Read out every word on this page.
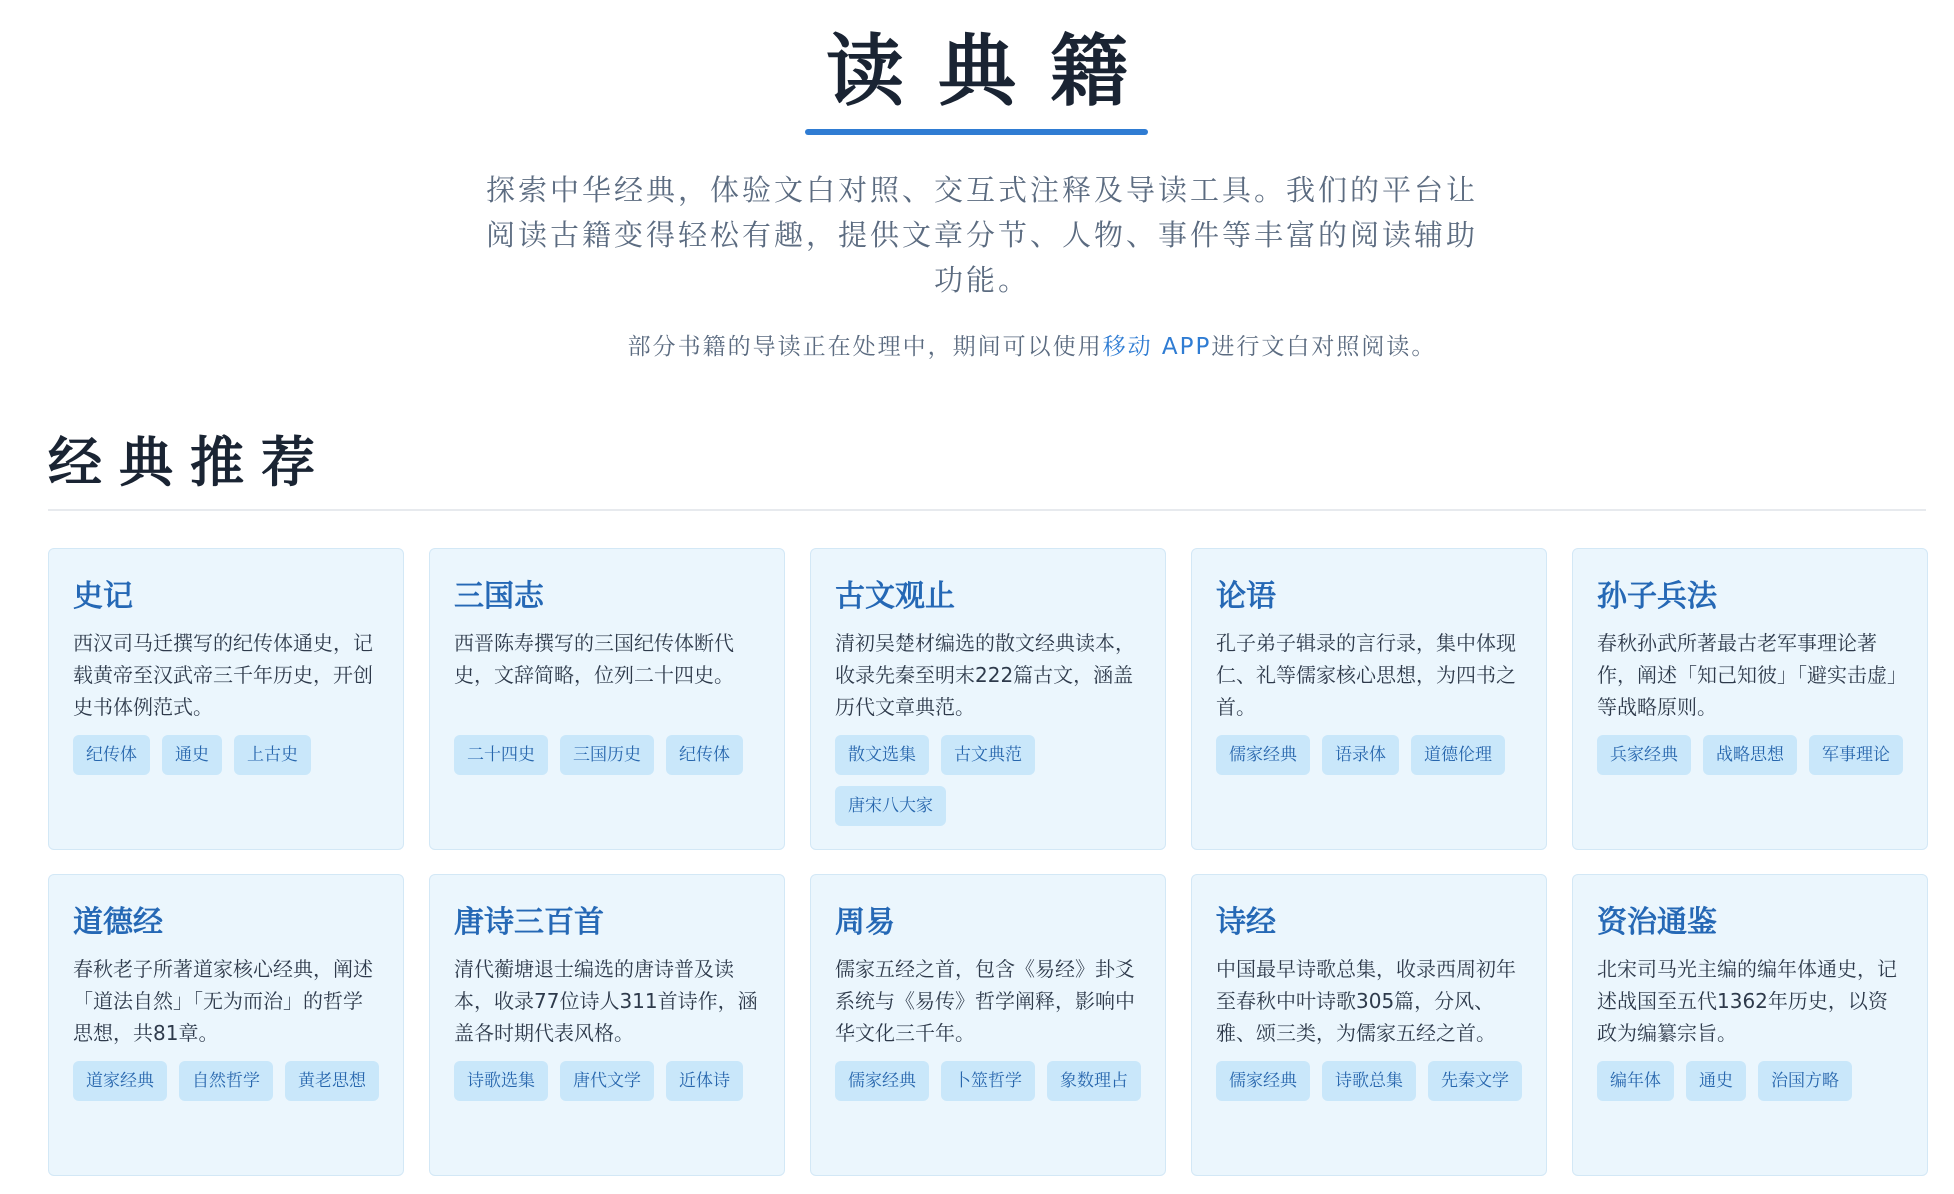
读典籍
探索中华经典，体验文白对照、交互式注释及导读工具。我们的平台让阅读古籍变得轻松有趣，提供文章分节、人物、事件等丰富的阅读辅助功能。
部分书籍的导读正在处理中，期间可以使用移动 APP进行文白对照阅读。
经典推荐
史记
西汉司马迁撰写的纪传体通史，记载黄帝至汉武帝三千年历史，开创史书体例范式。
纪传体	通史	上古史
三国志
西晋陈寿撰写的三国纪传体断代史，文辞简略，位列二十四史。
二十四史	三国历史	纪传体
古文观止
清初吴楚材编选的散文经典读本，收录先秦至明末222篇古文，涵盖历代文章典范。
散文选集	古文典范
唐宋八大家
论语
孔子弟子辑录的言行录，集中体现仁、礼等儒家核心思想，为四书之首。
儒家经典	语录体	道德伦理
孙子兵法
春秋孙武所著最古老军事理论著作，阐述「知己知彼」「避实击虚」等战略原则。
兵家经典	战略思想	军事理论
道德经
春秋老子所著道家核心经典，阐述「道法自然」「无为而治」的哲学思想，共81章。
道家经典	自然哲学	黄老思想
唐诗三百首
清代蘅塘退士编选的唐诗普及读本，收录77位诗人311首诗作，涵盖各时期代表风格。
诗歌选集	唐代文学	近体诗
周易
儒家五经之首，包含《易经》卦爻系统与《易传》哲学阐释，影响中华文化三千年。
儒家经典	卜筮哲学	象数理占
诗经
中国最早诗歌总集，收录西周初年至春秋中叶诗歌305篇，分风、雅、颂三类，为儒家五经之首。
儒家经典	诗歌总集	先秦文学
资治通鉴
北宋司马光主编的编年体通史，记述战国至五代1362年历史，以资政为编纂宗旨。
编年体	通史	治国方略
